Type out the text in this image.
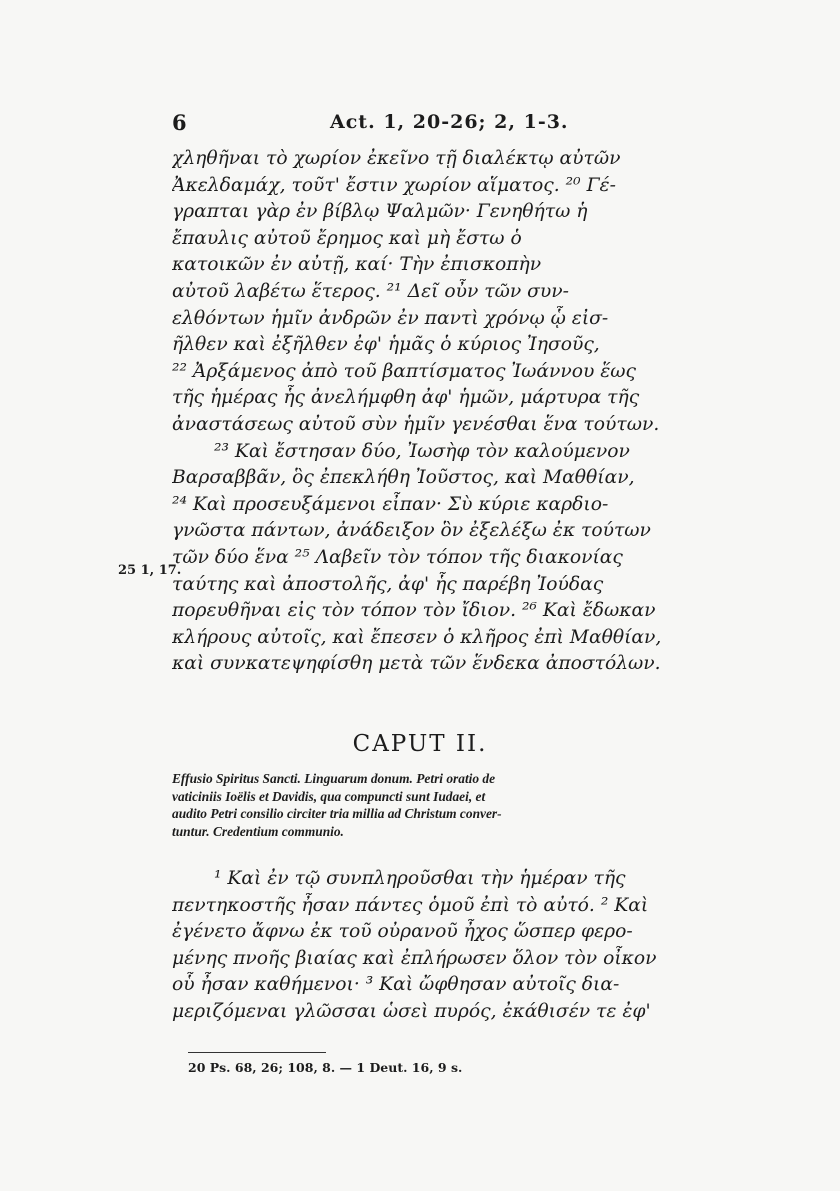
6	Act. 1, 20-26; 2, 1-3.
χληθῆναι τὸ χωρίον ἐκεῖνο τῇ διαλέκτῳ αὐτῶν
Ἀκελδαμάχ, τοῦτ' ἔστιν χωρίον αἵματος. ²⁰ Γέ-
γραπται γὰρ ἐν βίβλῳ Ψαλμῶν· Γενηθήτω ἡ
ἔπαυλις αὐτοῦ ἔρημος καὶ μὴ ἔστω ὁ
κατοικῶν ἐν αὐτῇ, καί· Τὴν ἐπισκοπὴν
αὐτοῦ λαβέτω ἕτερος. ²¹ Δεῖ οὖν τῶν συν-
ελθόντων ἡμῖν ἀνδρῶν ἐν παντὶ χρόνῳ ᾧ εἰσ-
ῆλθεν καὶ ἐξῆλθεν ἐφ' ἡμᾶς ὁ κύριος Ἰησοῦς,
²² Ἀρξάμενος ἀπὸ τοῦ βαπτίσματος Ἰωάννου ἕως
τῆς ἡμέρας ἧς ἀνελήμφθη ἀφ' ἡμῶν, μάρτυρα τῆς
ἀναστάσεως αὐτοῦ σὺν ἡμῖν γενέσθαι ἕνα τούτων.
²³ Καὶ ἔστησαν δύο, Ἰωσὴφ τὸν καλούμενον
Βαρσαββᾶν, ὃς ἐπεκλήθη Ἰοῦστος, καὶ Μαθθίαν,
²⁴ Καὶ προσευξάμενοι εἶπαν· Σὺ κύριε καρδιο-
γνῶστα πάντων, ἀνάδειξον ὃν ἐξελέξω ἐκ τούτων
τῶν δύο ἕνα ²⁵ Λαβεῖν τὸν τόπον τῆς διακονίας
ταύτης καὶ ἀποστολῆς, ἀφ' ἧς παρέβη Ἰούδας
πορευθῆναι εἰς τὸν τόπον τὸν ἴδιον. ²⁶ Καὶ ἔδωκαν
κλήρους αὐτοῖς, καὶ ἔπεσεν ὁ κλῆρος ἐπὶ Μαθθίαν,
καὶ συνκατεψηφίσθη μετὰ τῶν ἕνδεκα ἀποστόλων.
25 1, 17.
CAPUT II.
Effusio Spiritus Sancti. Linguarum donum. Petri oratio de
vaticiniis Ioëlis et Davidis, qua compuncti sunt Iudaei, et
audito Petri consilio circiter tria millia ad Christum conver-
tuntur. Credentium communio.
¹ Καὶ ἐν τῷ συνπληροῦσθαι τὴν ἡμέραν τῆς
πεντηκοστῆς ἦσαν πάντες ὁμοῦ ἐπὶ τὸ αὐτό. ² Καὶ
ἐγένετο ἄφνω ἐκ τοῦ οὐρανοῦ ἦχος ὥσπερ φερο-
μένης πνοῆς βιαίας καὶ ἐπλήρωσεν ὅλον τὸν οἶκον
οὗ ἦσαν καθήμενοι· ³ Καὶ ὤφθησαν αὐτοῖς δια-
μεριζόμεναι γλῶσσαι ὡσεὶ πυρός, ἐκάθισέν τε ἐφ'
20 Ps. 68, 26; 108, 8. — 1 Deut. 16, 9 s.
